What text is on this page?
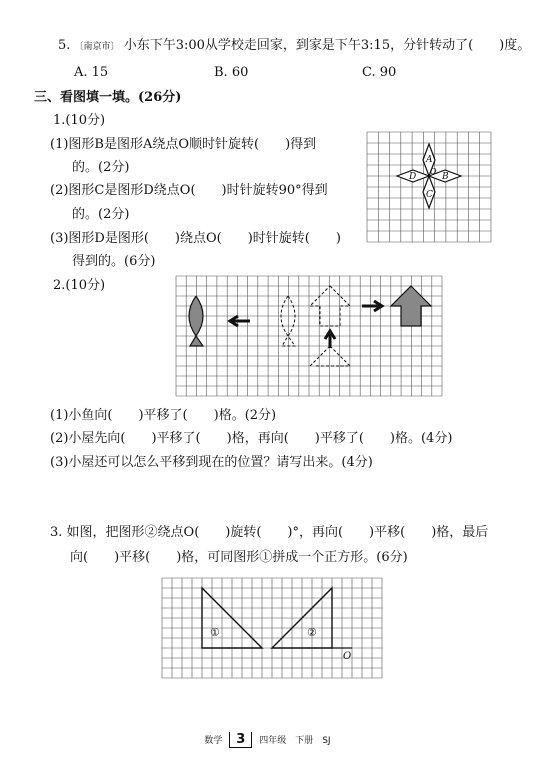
5. 〔南京市〕 小东下午3:00从学校走回家，到家是下午3:15，分针转动了(　　)度。
A. 15	B. 60	C. 90
三、看图填一填。(26分)
1.(10分)
(1)图形B是图形A绕点O顺时针旋转(　　)得到
的。(2分)
(2)图形C是图形D绕点O(　　)时针旋转90°得到
的。(2分)
(3)图形D是图形(　　)绕点O(　　)时针旋转(　　)
得到的。(6分)
A
B
C
D
O
2.(10分)
(1)小鱼向(　　)平移了(　　)格。(2分)
(2)小屋先向(　　)平移了(　　)格，再向(　　)平移了(　　)格。(4分)
(3)小屋还可以怎么平移到现在的位置？请写出来。(4分)
3. 如图，把图形②绕点O(　　)旋转(　　)°，再向(　　)平移(　　)格，最后
向(　　)平移(　　)格，可同图形①拼成一个正方形。(6分)
①	②
O
数学 3 四年级　下册　SJ
